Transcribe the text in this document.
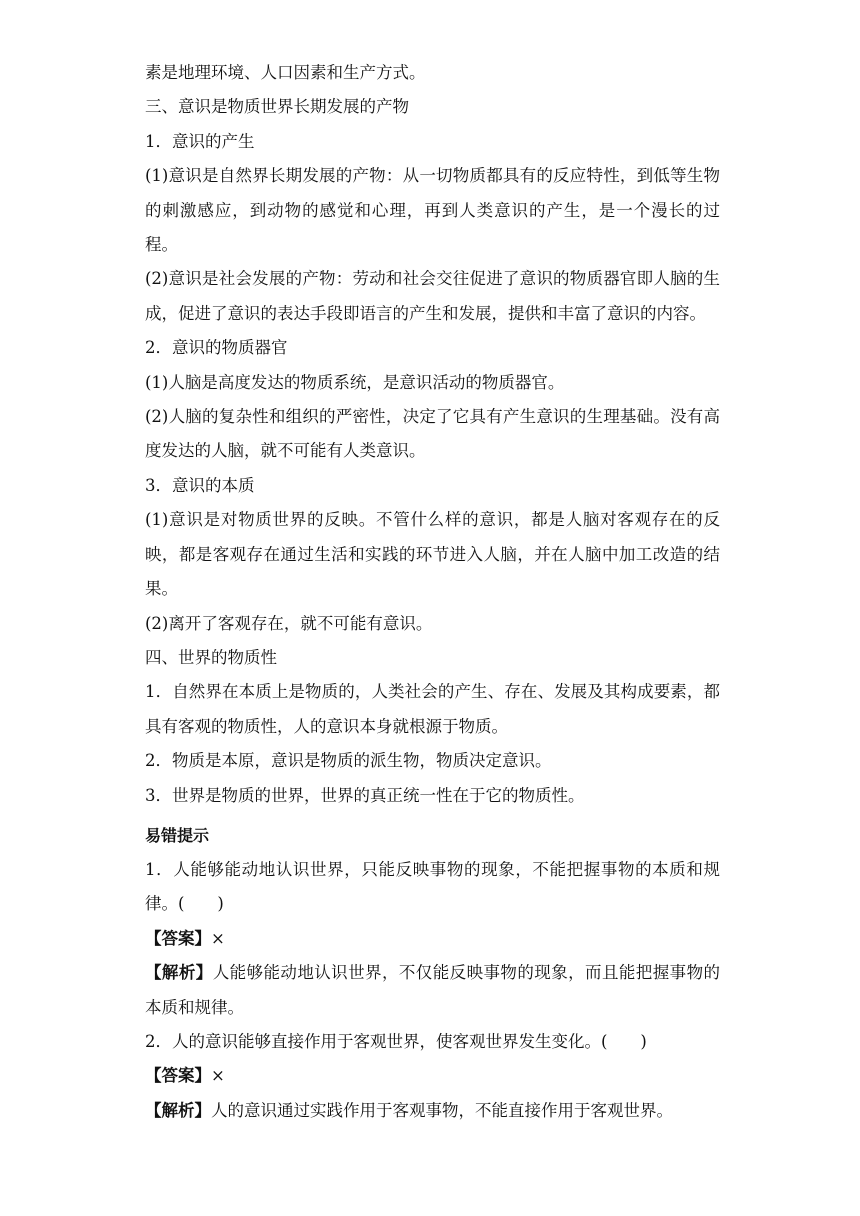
素是地理环境、人口因素和生产方式。

三、意识是物质世界长期发展的产物

1．意识的产生

(1)意识是自然界长期发展的产物：从一切物质都具有的反应特性，到低等生物的刺激感应，到动物的感觉和心理，再到人类意识的产生，是一个漫长的过程。

(2)意识是社会发展的产物：劳动和社会交往促进了意识的物质器官即人脑的生成，促进了意识的表达手段即语言的产生和发展，提供和丰富了意识的内容。

2．意识的物质器官

(1)人脑是高度发达的物质系统，是意识活动的物质器官。

(2)人脑的复杂性和组织的严密性，决定了它具有产生意识的生理基础。没有高度发达的人脑，就不可能有人类意识。

3．意识的本质

(1)意识是对物质世界的反映。不管什么样的意识，都是人脑对客观存在的反映，都是客观存在通过生活和实践的环节进入人脑，并在人脑中加工改造的结果。

(2)离开了客观存在，就不可能有意识。

四、世界的物质性

1．自然界在本质上是物质的，人类社会的产生、存在、发展及其构成要素，都具有客观的物质性，人的意识本身就根源于物质。

2．物质是本原，意识是物质的派生物，物质决定意识。

3．世界是物质的世界，世界的真正统一性在于它的物质性。

易错提示

1．人能够能动地认识世界，只能反映事物的现象，不能把握事物的本质和规律。(　　)

【答案】×

【解析】人能够能动地认识世界，不仅能反映事物的现象，而且能把握事物的本质和规律。

2．人的意识能够直接作用于客观世界，使客观世界发生变化。(　　)

【答案】×

【解析】人的意识通过实践作用于客观事物，不能直接作用于客观世界。
